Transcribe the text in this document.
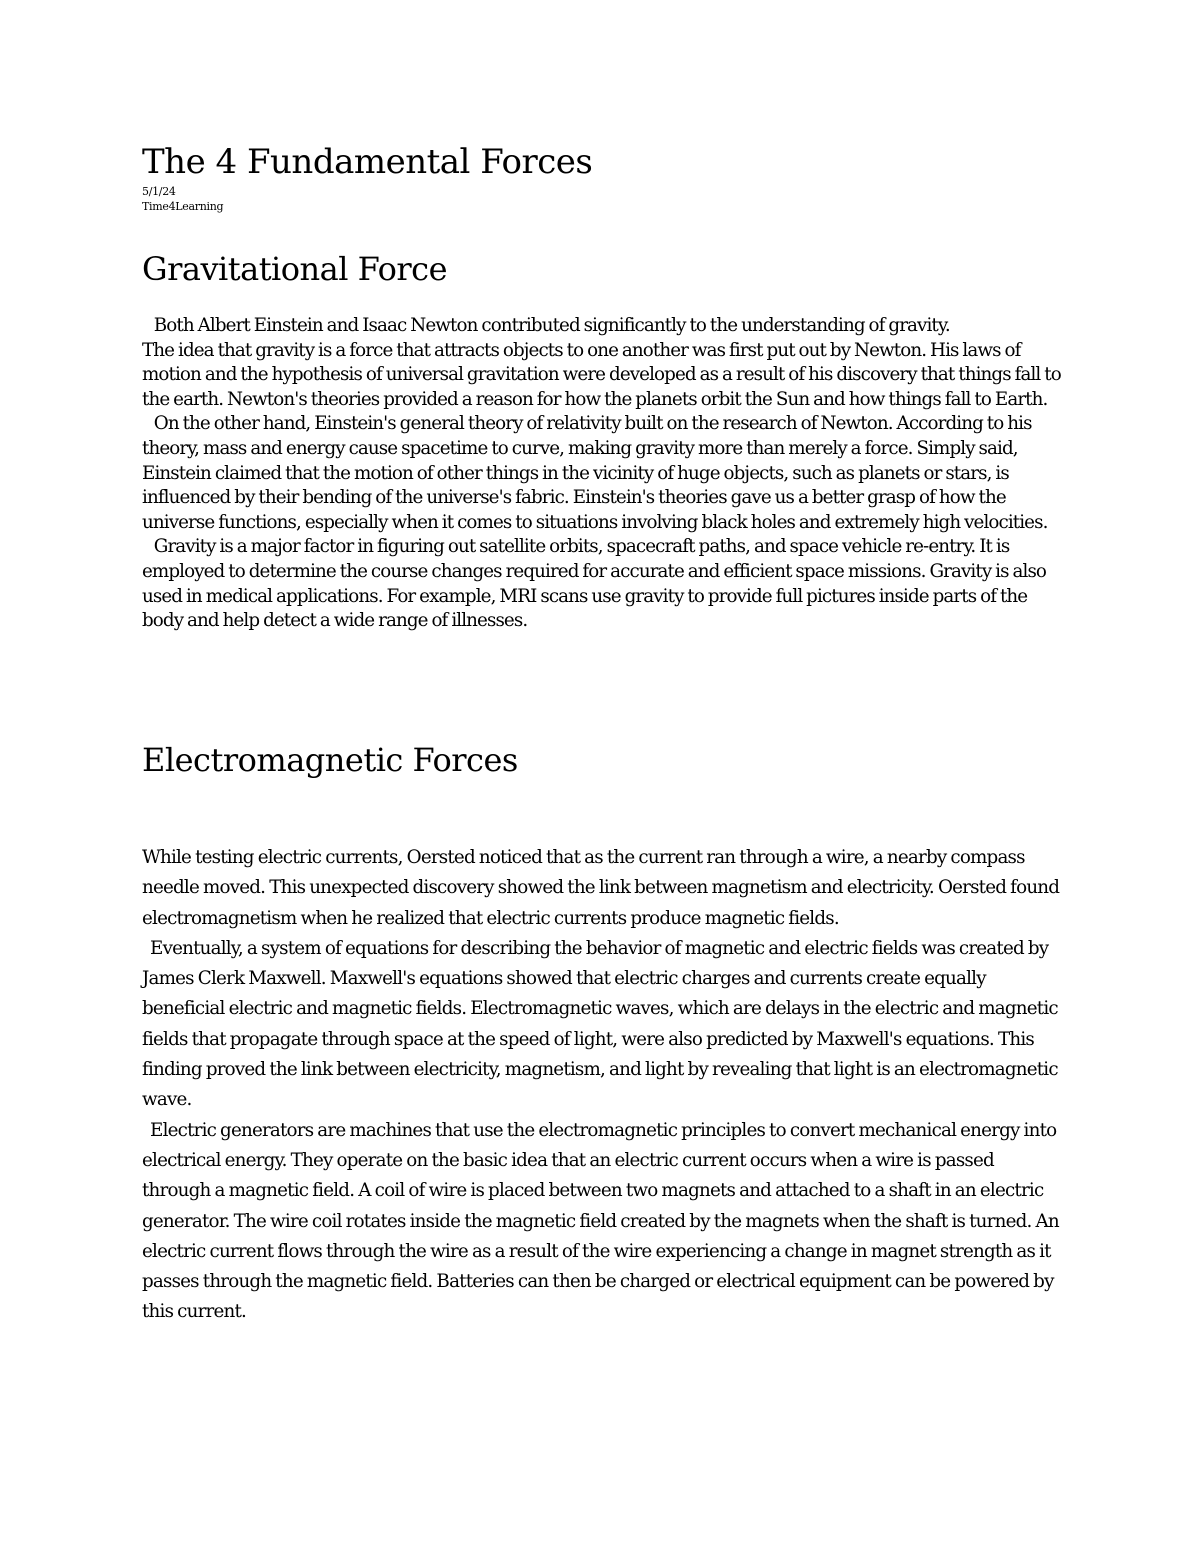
The 4 Fundamental Forces
5/1/24
Time4Learning
Gravitational Force

Both Albert Einstein and Isaac Newton contributed significantly to the understanding of gravity.

The idea that gravity is a force that attracts objects to one another was first put out by Newton. His laws of motion and the hypothesis of universal gravitation were developed as a result of his discovery that things fall to the earth. Newton's theories provided a reason for how the planets orbit the Sun and how things fall to Earth.

On the other hand, Einstein's general theory of relativity built on the research of Newton. According to his theory, mass and energy cause spacetime to curve, making gravity more than merely a force. Simply said, Einstein claimed that the motion of other things in the vicinity of huge objects, such as planets or stars, is influenced by their bending of the universe's fabric. Einstein's theories gave us a better grasp of how the universe functions, especially when it comes to situations involving black holes and extremely high velocities.

Gravity is a major factor in figuring out satellite orbits, spacecraft paths, and space vehicle re-entry. It is employed to determine the course changes required for accurate and efficient space missions. Gravity is also used in medical applications. For example, MRI scans use gravity to provide full pictures inside parts of the body and help detect a wide range of illnesses.

Electromagnetic Forces

While testing electric currents, Oersted noticed that as the current ran through a wire, a nearby compass needle moved. This unexpected discovery showed the link between magnetism and electricity. Oersted found electromagnetism when he realized that electric currents produce magnetic fields.

Eventually, a system of equations for describing the behavior of magnetic and electric fields was created by      James Clerk Maxwell. Maxwell's equations showed that electric charges and currents create equally beneficial electric and magnetic fields. Electromagnetic waves, which are delays in the electric and magnetic fields that propagate through space at the speed of light, were also predicted by Maxwell's equations. This finding proved the link between electricity, magnetism, and light by revealing that light is an electromagnetic wave.

Electric generators are machines that use the electromagnetic principles to convert mechanical energy into electrical energy. They operate on the basic idea that an electric current occurs when a wire is passed through a magnetic field. A coil of wire is placed between two magnets and attached to a shaft in an electric generator. The wire coil rotates inside the magnetic field created by the magnets when the shaft is turned. An electric current flows through the wire as a result of the wire experiencing a change in magnet strength as it passes through the magnetic field. Batteries can then be charged or electrical equipment can be powered by this current.
